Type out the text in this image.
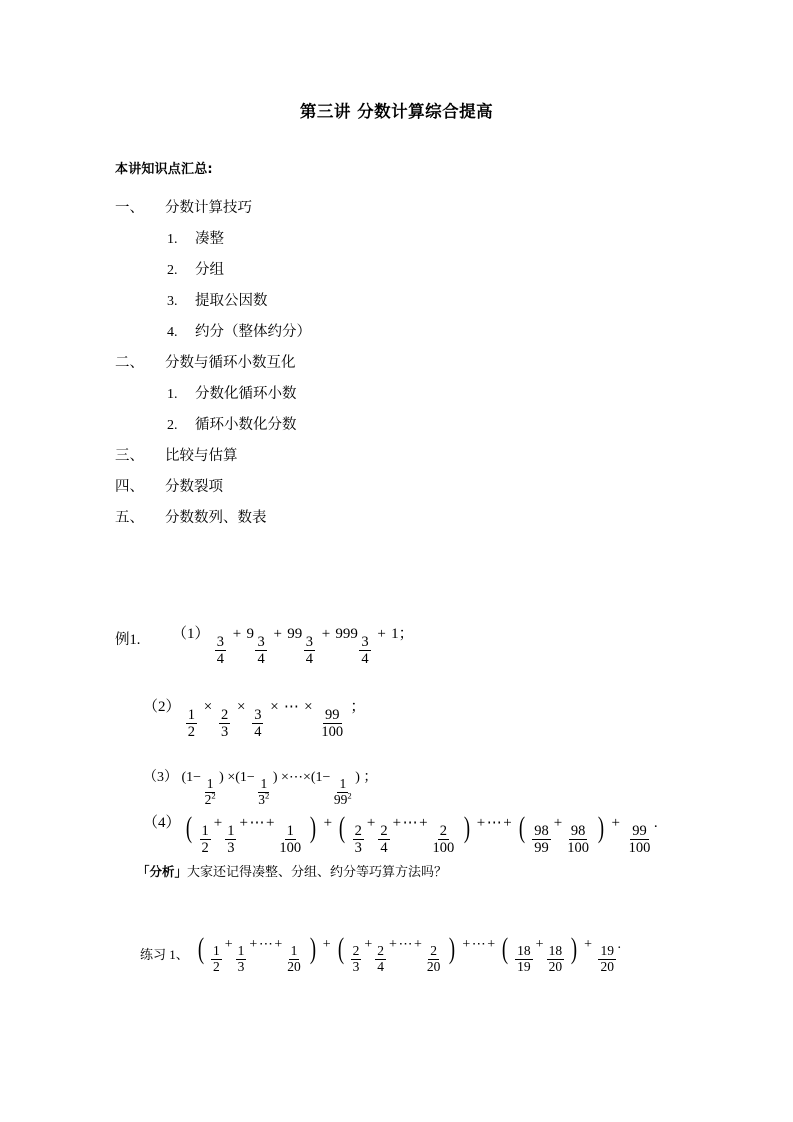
第三讲 分数计算综合提高
本讲知识点汇总:
一、	分数计算技巧
1.	凑整
2.	分组
3.	提取公因数
4.	约分（整体约分）
二、	分数与循环小数互化
1.	分数化循环小数
2.	循环小数化分数
三、	比较与估算
四、	分数裂项
五、	分数数列、数表
例1. （1）
$\frac{3}{4}$
+ 9
$\frac{3}{4}$
+ 99
$\frac{3}{4}$
+ 999
$\frac{3}{4}$
+ 1；
（2）
$\frac{1}{2}$
×
$\frac{2}{3}$
×
$\frac{3}{4}$
× ⋯ ×
$\frac{99}{100}$
；
（3） ($1- \frac{1}{2^2}$ ) $\times(1- \frac{1}{3^2}$ ) ×⋯×(1− $\frac{1}{99^2}$ ) ；
（4） ( $\frac{1}{2}$
+
$\frac{1}{3}$
+ ⋯ +
$\frac{1}{100}$ ) + ( $\frac{2}{3}$
+
$\frac{2}{4}$
+ ⋯ +
$\frac{2}{100}$ ) + ⋯ + ( $\frac{98}{99}$
+
$\frac{98}{100}$ ) +
$\frac{99}{100}$
.
「分析」大家还记得凑整、分组、约分等巧算方法吗？
练习 1、 ( $\frac{1}{2} + \frac{1}{3}$ + ⋯ + $\frac{1}{20}$ ) + ( $\frac{2}{3} + \frac{2}{4}$ + ⋯ + $\frac{2}{20}$ ) + ⋯ + ( $\frac{18}{19} + \frac{18}{20}$ ) + $\frac{19}{20}$ .
